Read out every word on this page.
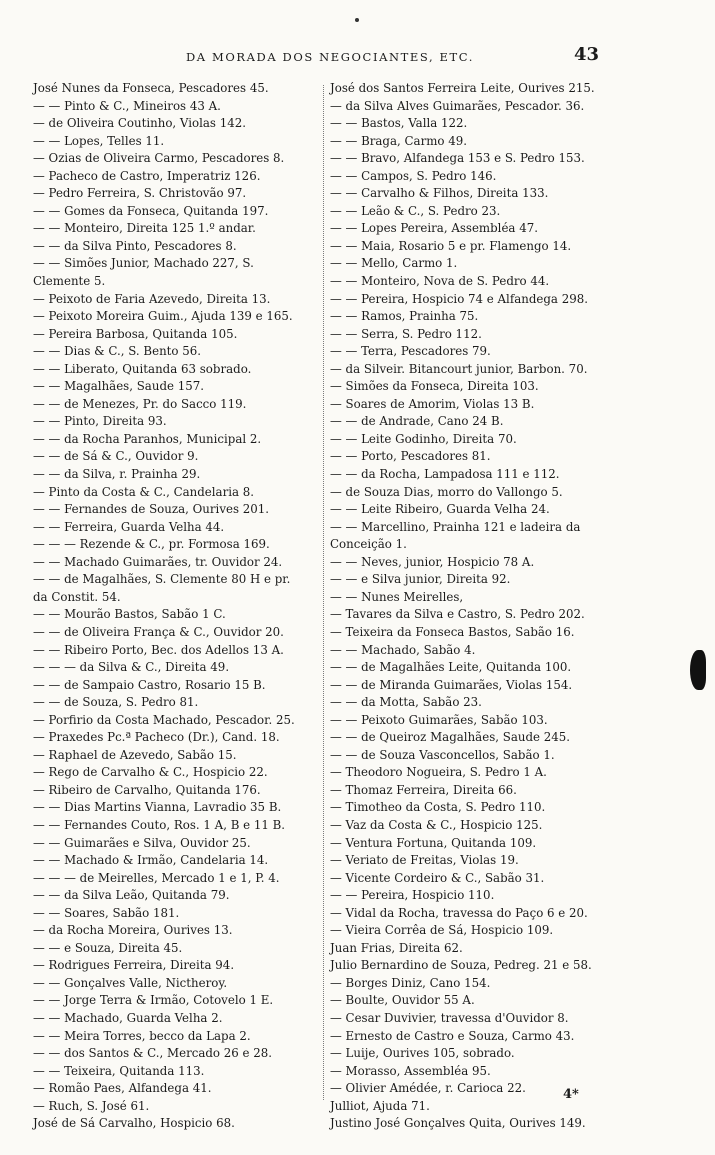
DA MORADA DOS NEGOCIANTES, ETC.	43
José Nunes da Fonseca, Pescadores 45.
— — Pinto & C., Mineiros 43 A.
— de Oliveira Coutinho, Violas 142.
— — Lopes, Telles 11.
— Ozias de Oliveira Carmo, Pescadores 8.
— Pacheco de Castro, Imperatriz 126.
— Pedro Ferreira, S. Christovão 97.
— — Gomes da Fonseca, Quitanda 197.
— — Monteiro, Direita 125 1.º andar.
— — da Silva Pinto, Pescadores 8.
— — Simões Junior, Machado 227, S.
Clemente 5.
— Peixoto de Faria Azevedo, Direita 13.
— Peixoto Moreira Guim., Ajuda 139 e 165.
— Pereira Barbosa, Quitanda 105.
— — Dias & C., S. Bento 56.
— — Liberato, Quitanda 63 sobrado.
— — Magalhães, Saude 157.
— — de Menezes, Pr. do Sacco 119.
— — Pinto, Direita 93.
— — da Rocha Paranhos, Municipal 2.
— — de Sá & C., Ouvidor 9.
— — da Silva, r. Prainha 29.
— Pinto da Costa & C., Candelaria 8.
— — Fernandes de Souza, Ourives 201.
— — Ferreira, Guarda Velha 44.
— — — Rezende & C., pr. Formosa 169.
— — Machado Guimarães, tr. Ouvidor 24.
— — de Magalhães, S. Clemente 80 H e pr.
da Constit. 54.
— — Mourão Bastos, Sabão 1 C.
— — de Oliveira França & C., Ouvidor 20.
— — Ribeiro Porto, Bec. dos Adellos 13 A.
— — — da Silva & C., Direita 49.
— — de Sampaio Castro, Rosario 15 B.
— — de Souza, S. Pedro 81.
— Porfirio da Costa Machado, Pescador. 25.
— Praxedes Pc.ª Pacheco (Dr.), Cand. 18.
— Raphael de Azevedo, Sabão 15.
— Rego de Carvalho & C., Hospicio 22.
— Ribeiro de Carvalho, Quitanda 176.
— — Dias Martins Vianna, Lavradio 35 B.
— — Fernandes Couto, Ros. 1 A, B e 11 B.
— — Guimarães e Silva, Ouvidor 25.
— — Machado & Irmão, Candelaria 14.
— — — de Meirelles, Mercado 1 e 1, P. 4.
— — da Silva Leão, Quitanda 79.
— — Soares, Sabão 181.
— da Rocha Moreira, Ourives 13.
— — e Souza, Direita 45.
— Rodrigues Ferreira, Direita 94.
— — Gonçalves Valle, Nictheroy.
— — Jorge Terra & Irmão, Cotovelo 1 E.
— — Machado, Guarda Velha 2.
— — Meira Torres, becco da Lapa 2.
— — dos Santos & C., Mercado 26 e 28.
— — Teixeira, Quitanda 113.
— Romão Paes, Alfandega 41.
— Ruch, S. José 61.
José de Sá Carvalho, Hospicio 68.
José dos Santos Ferreira Leite, Ourives 215.
— da Silva Alves Guimarães, Pescador. 36.
— — Bastos, Valla 122.
— — Braga, Carmo 49.
— — Bravo, Alfandega 153 e S. Pedro 153.
— — Campos, S. Pedro 146.
— — Carvalho & Filhos, Direita 133.
— — Leão & C., S. Pedro 23.
— — Lopes Pereira, Assembléa 47.
— — Maia, Rosario 5 e pr. Flamengo 14.
— — Mello, Carmo 1.
— — Monteiro, Nova de S. Pedro 44.
— — Pereira, Hospicio 74 e Alfandega 298.
— — Ramos, Prainha 75.
— — Serra, S. Pedro 112.
— — Terra, Pescadores 79.
— da Silveir. Bitancourt junior, Barbon. 70.
— Simões da Fonseca, Direita 103.
— Soares de Amorim, Violas 13 B.
— — de Andrade, Cano 24 B.
— — Leite Godinho, Direita 70.
— — Porto, Pescadores 81.
— — da Rocha, Lampadosa 111 e 112.
— de Souza Dias, morro do Vallongo 5.
— — Leite Ribeiro, Guarda Velha 24.
— — Marcellino, Prainha 121 e ladeira da
Conceição 1.
— — Neves, junior, Hospicio 78 A.
— — e Silva junior, Direita 92.
— — Nunes Meirelles,
— Tavares da Silva e Castro, S. Pedro 202.
— Teixeira da Fonseca Bastos, Sabão 16.
— — Machado, Sabão 4.
— — de Magalhães Leite, Quitanda 100.
— — de Miranda Guimarães, Violas 154.
— — da Motta, Sabão 23.
— — Peixoto Guimarães, Sabão 103.
— — de Queiroz Magalhães, Saude 245.
— — de Souza Vasconcellos, Sabão 1.
— Theodoro Nogueira, S. Pedro 1 A.
— Thomaz Ferreira, Direita 66.
— Timotheo da Costa, S. Pedro 110.
— Vaz da Costa & C., Hospicio 125.
— Ventura Fortuna, Quitanda 109.
— Veriato de Freitas, Violas 19.
— Vicente Cordeiro & C., Sabão 31.
— — Pereira, Hospicio 110.
— Vidal da Rocha, travessa do Paço 6 e 20.
— Vieira Corrêa de Sá, Hospicio 109.
Juan Frias, Direita 62.
Julio Bernardino de Souza, Pedreg. 21 e 58.
— Borges Diniz, Cano 154.
— Boulte, Ouvidor 55 A.
— Cesar Duvivier, travessa d'Ouvidor 8.
— Ernesto de Castro e Souza, Carmo 43.
— Luije, Ourives 105, sobrado.
— Morasso, Assembléa 95.
— Olivier Amédée, r. Carioca 22.
Julliot, Ajuda 71.
Justino José Gonçalves Quita, Ourives 149.
4*
